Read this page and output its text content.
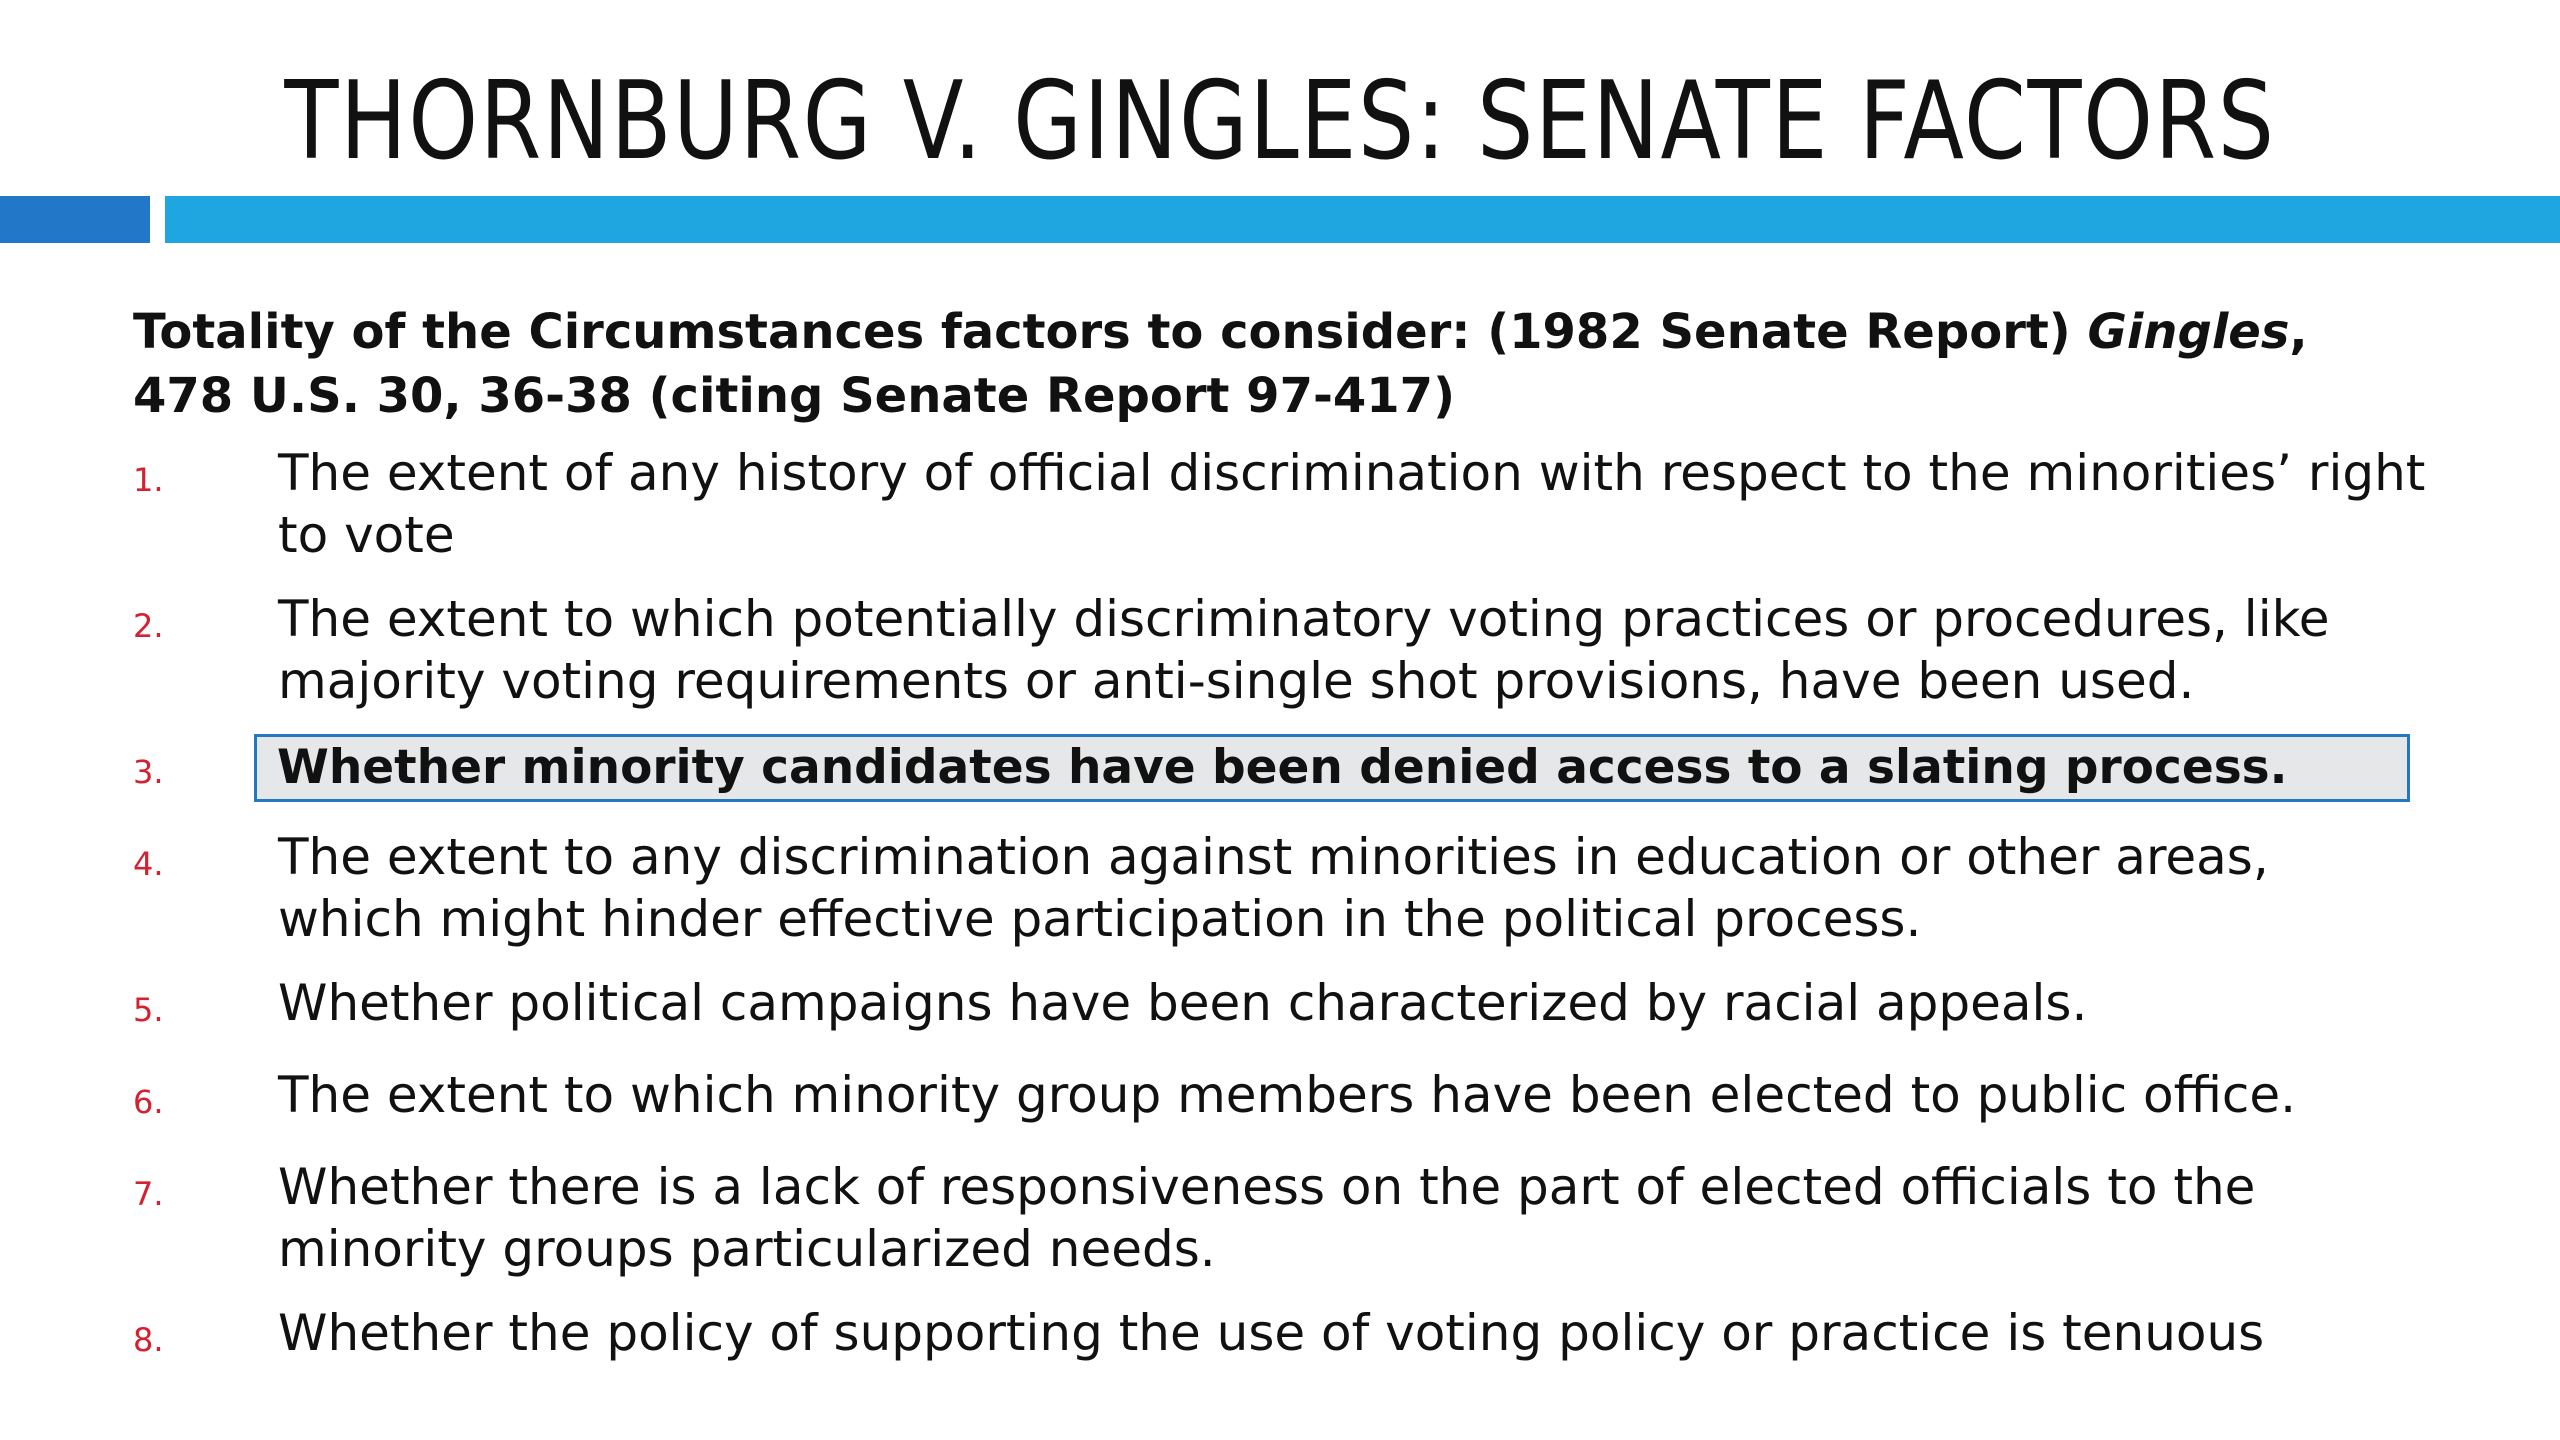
THORNBURG V. GINGLES: SENATE FACTORS

Totality of the Circumstances factors to consider: (1982 Senate Report) Gingles, 478 U.S. 30, 36-38 (citing Senate Report 97-417)

1.	The extent of any history of official discrimination with respect to the minorities’ right to vote
2.	The extent to which potentially discriminatory voting practices or procedures, like majority voting requirements or anti-single shot provisions, have been used.
3.	Whether minority candidates have been denied access to a slating process.
4.	The extent to any discrimination against minorities in education or other areas, which might hinder effective participation in the political process.
5.	Whether political campaigns have been characterized by racial appeals.
6.	The extent to which minority group members have been elected to public office.
7.	Whether there is a lack of responsiveness on the part of elected officials to the minority groups particularized needs.
8.	Whether the policy of supporting the use of voting policy or practice is tenuous
